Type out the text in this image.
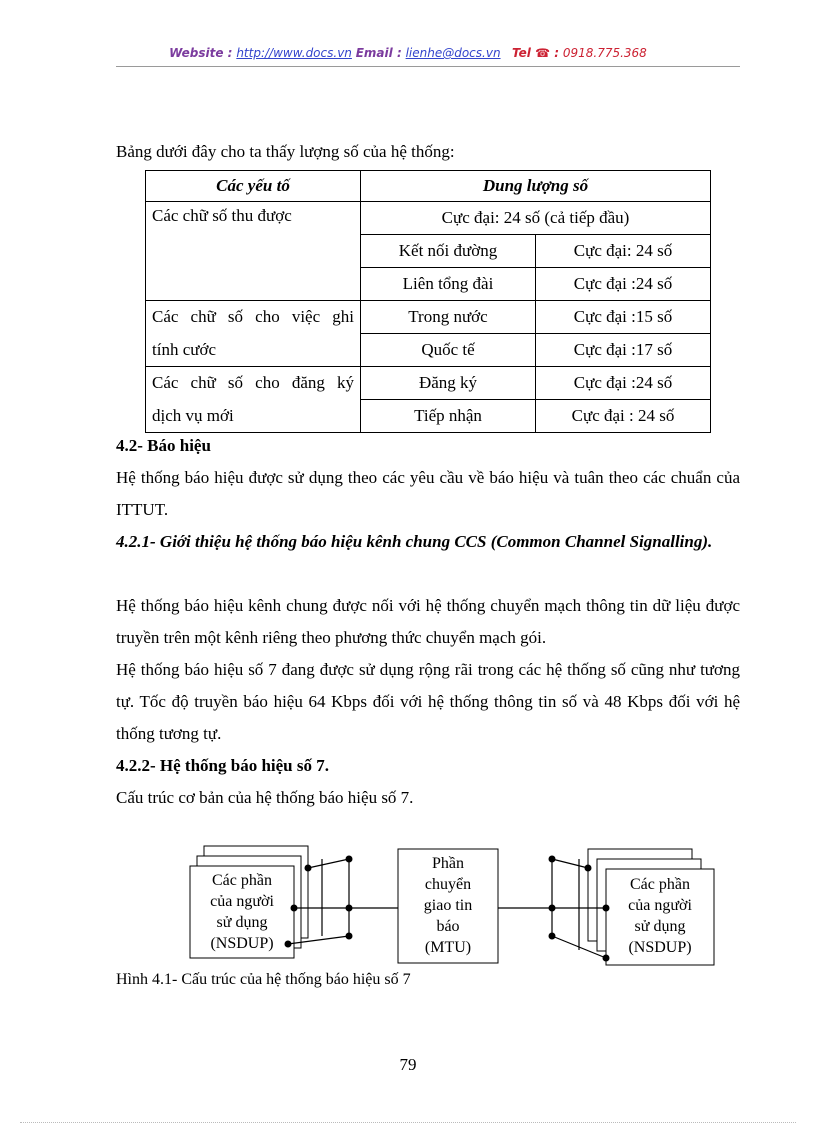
Website : http://www.docs.vn Email : lienhe@docs.vn Tel ☎ : 0918.775.368

Bảng dưới đây cho ta thấy lượng số của hệ thống:

Các yếu tố	Dung lượng số	
Các chữ số thu được	Cực đại: 24 số (cả tiếp đầu)	
	Kết nối đường	Cực đại: 24 số
	Liên tổng đài	Cực đại :24 số
Các chữ số cho việc ghi	Trong nước	Cực đại :15 số
tính cước	Quốc tế	Cực đại :17 số
Các chữ số cho đăng ký	Đăng ký	Cực đại :24 số
dịch vụ mới	Tiếp nhận	Cực đại : 24 số

4.2- Báo hiệu

Hệ thống báo hiệu được sử dụng theo các yêu cầu về báo hiệu và tuân theo các chuẩn của ITTUT.

4.2.1- Giới thiệu hệ thống báo hiệu kênh chung CCS (Common Channel Signalling).

Hệ thống báo hiệu kênh chung được nối với hệ thống chuyển mạch thông tin dữ liệu được truyền trên một kênh riêng theo phương thức chuyển mạch gói.

Hệ thống báo hiệu số 7 đang được sử dụng rộng rãi trong các hệ thống số cũng như tương tự. Tốc độ truyền báo hiệu 64 Kbps đối với hệ thống thông tin số và 48 Kbps đối với hệ thống tương tự.

4.2.2- Hệ thống báo hiệu số 7.

Cấu trúc cơ bản của hệ thống báo hiệu số 7.

Các phần
của người
sử dụng
(NSDUP)
Phần
chuyển
giao tin
báo
(MTU)
Các phần
của người
sử dụng
(NSDUP)

Hình 4.1- Cấu trúc của hệ thống báo hiệu số 7

79
